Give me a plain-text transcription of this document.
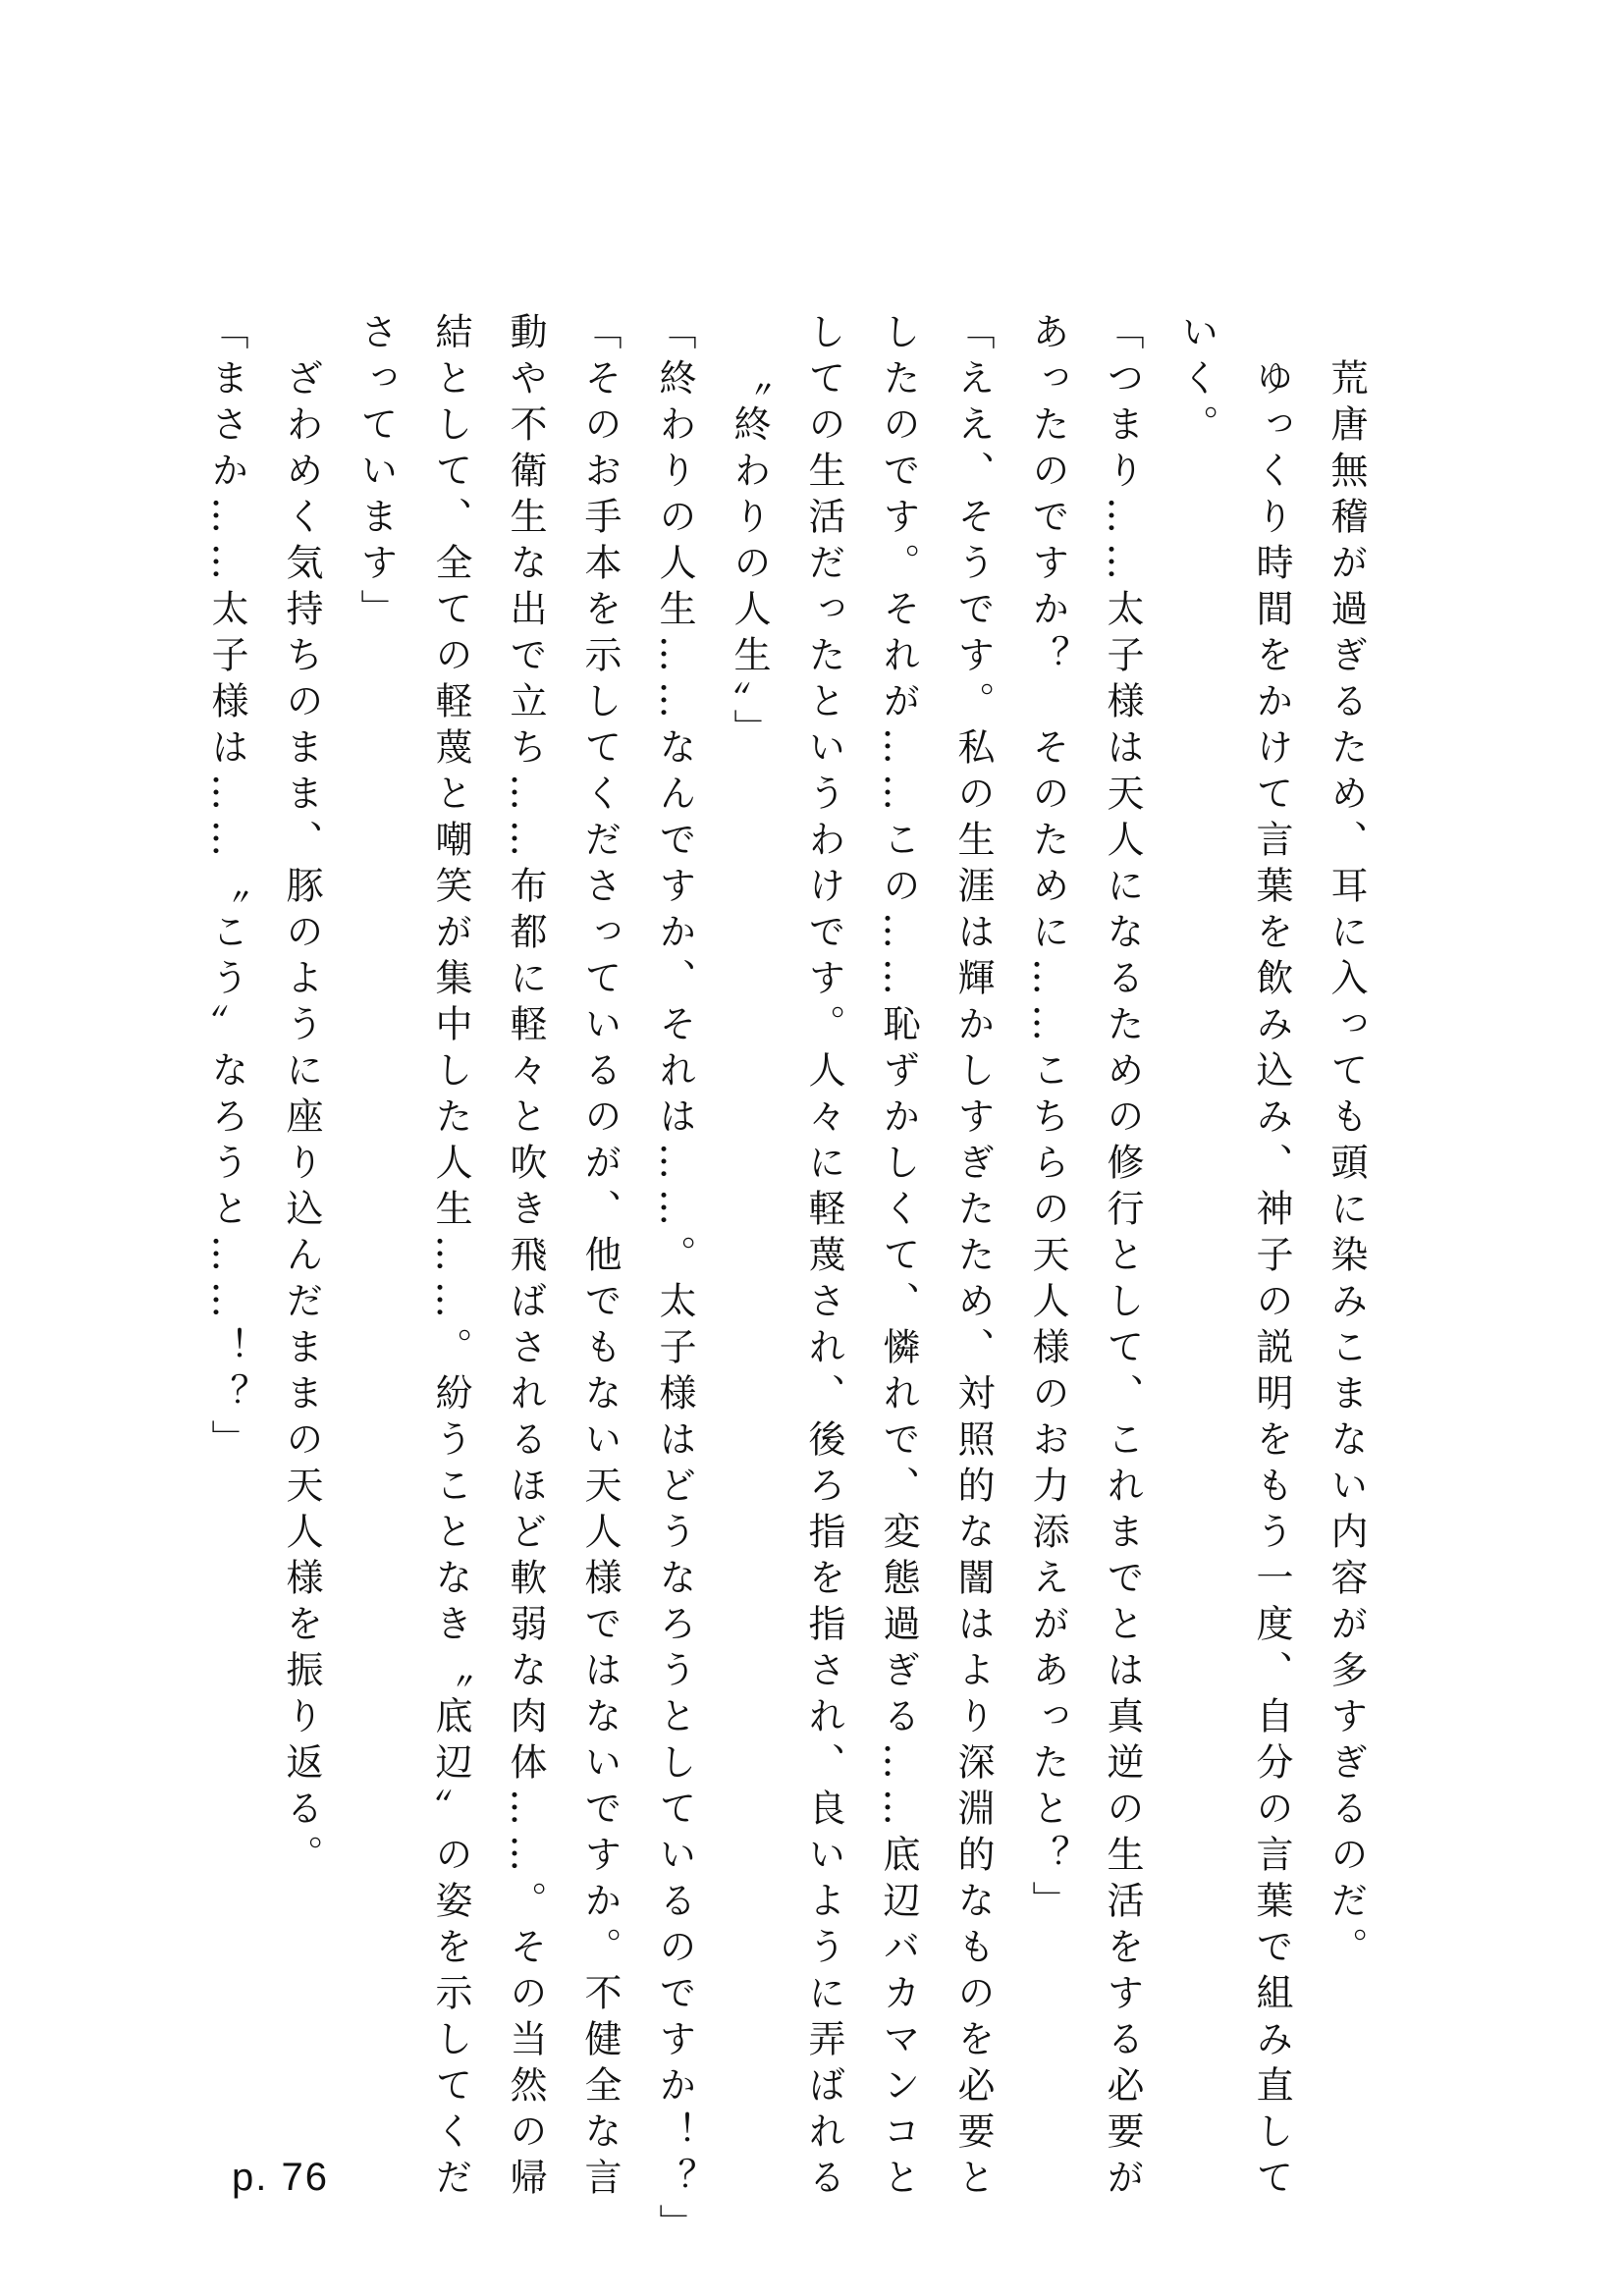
荒唐無稽が過ぎるため、耳に入っても頭に染みこまない内容が多すぎるのだ。
ゆっくり時間をかけて言葉を飲み込み、神子の説明をもう一度、自分の言葉で組み直して
いく。
「つまり……太子様は天人になるための修行として、これまでとは真逆の生活をする必要が
あったのですか？　そのために……こちらの天人様のお力添えがあったと？」
「ええ、そうです。私の生涯は輝かしすぎたため、対照的な闇はより深淵的なものを必要と
したのです。それが……この……恥ずかしくて、憐れで、変態過ぎる……底辺バカマンコと
しての生活だったというわけです。人々に軽蔑され、後ろ指を指され、良いように弄ばれる
〝終わりの人生〟」
「終わりの人生……なんですか、それは……。太子様はどうなろうとしているのですか！？」
「そのお手本を示してくださっているのが、他でもない天人様ではないですか。不健全な言
動や不衛生な出で立ち……布都に軽々と吹き飛ばされるほど軟弱な肉体……。その当然の帰
結として、全ての軽蔑と嘲笑が集中した人生……。紛うことなき〝底辺〟の姿を示してくだ
さっています」
ざわめく気持ちのまま、豚のように座り込んだままの天人様を振り返る。
「まさか……太子様は……〝こう〟なろうと……！？」
p. 76
